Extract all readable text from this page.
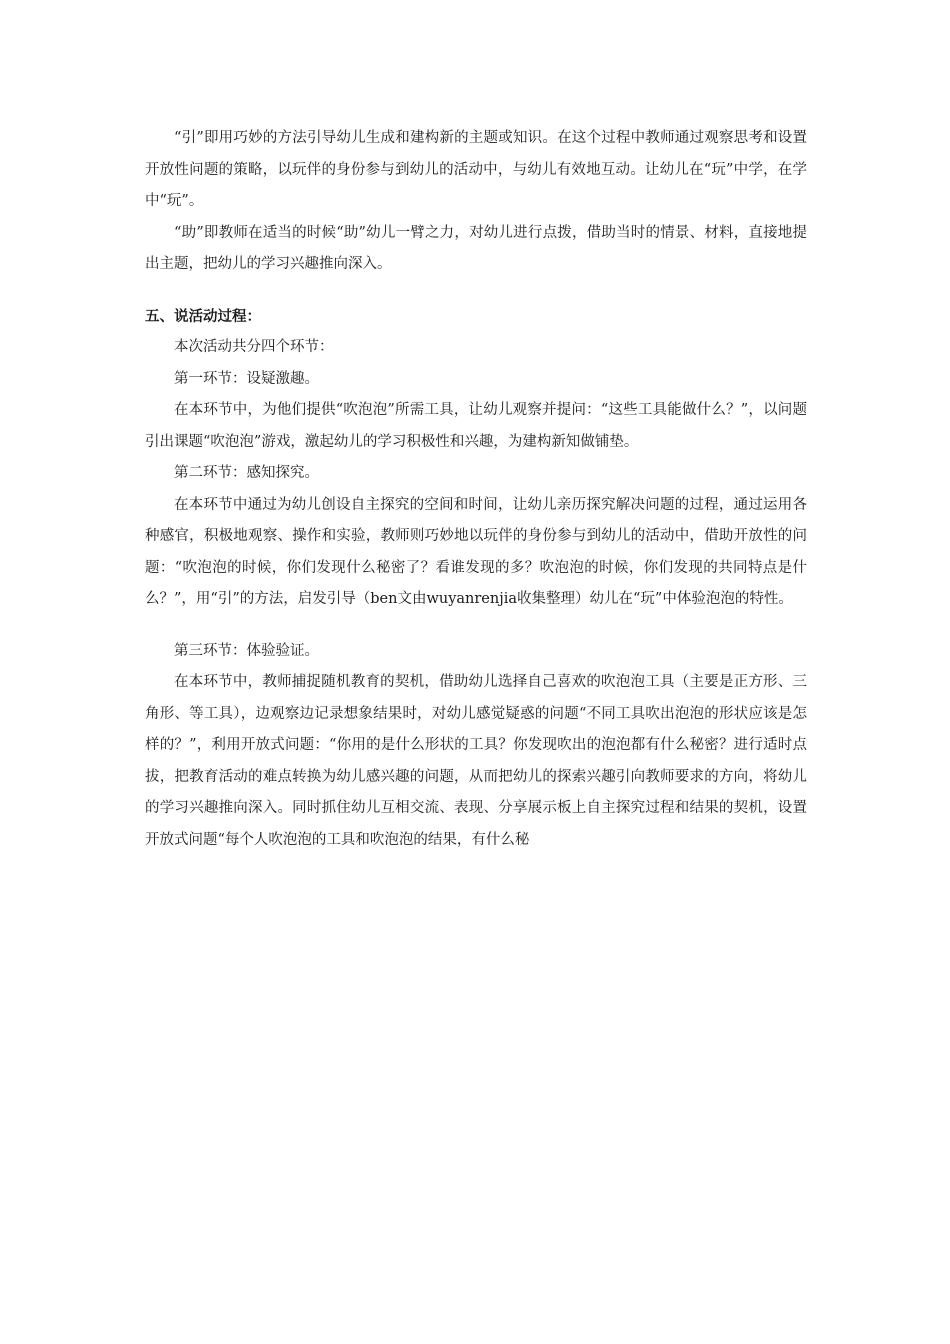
“引”即用巧妙的方法引导幼儿生成和建构新的主题或知识。在这个过程中教师通过观察思考和设置开放性问题的策略，以玩伴的身份参与到幼儿的活动中，与幼儿有效地互动。让幼儿在“玩”中学，在学中“玩”。

“助”即教师在适当的时候“助”幼儿一臂之力，对幼儿进行点拨，借助当时的情景、材料，直接地提出主题，把幼儿的学习兴趣推向深入。

五、说活动过程：

本次活动共分四个环节：

第一环节：设疑激趣。

在本环节中，为他们提供“吹泡泡”所需工具，让幼儿观察并提问：“这些工具能做什么？”，以问题引出课题“吹泡泡”游戏，激起幼儿的学习积极性和兴趣，为建构新知做铺垫。

第二环节：感知探究。

在本环节中通过为幼儿创设自主探究的空间和时间，让幼儿亲历探究解决问题的过程，通过运用各种感官，积极地观察、操作和实验，教师则巧妙地以玩伴的身份参与到幼儿的活动中，借助开放性的问题：“吹泡泡的时候，你们发现什么秘密了？看谁发现的多？吹泡泡的时候，你们发现的共同特点是什么？”，用“引”的方法，启发引导（ben文由wuyanrenjia收集整理）幼儿在“玩”中体验泡泡的特性。

第三环节：体验验证。

在本环节中，教师捕捉随机教育的契机，借助幼儿选择自己喜欢的吹泡泡工具（主要是正方形、三角形、等工具），边观察边记录想象结果时，对幼儿感觉疑惑的问题“不同工具吹出泡泡的形状应该是怎样的？”，利用开放式问题：“你用的是什么形状的工具？你发现吹出的泡泡都有什么秘密？进行适时点拔，把教育活动的难点转换为幼儿感兴趣的问题，从而把幼儿的探索兴趣引向教师要求的方向，将幼儿的学习兴趣推向深入。同时抓住幼儿互相交流、表现、分享展示板上自主探究过程和结果的契机，设置开放式问题“每个人吹泡泡的工具和吹泡泡的结果，有什么秘
